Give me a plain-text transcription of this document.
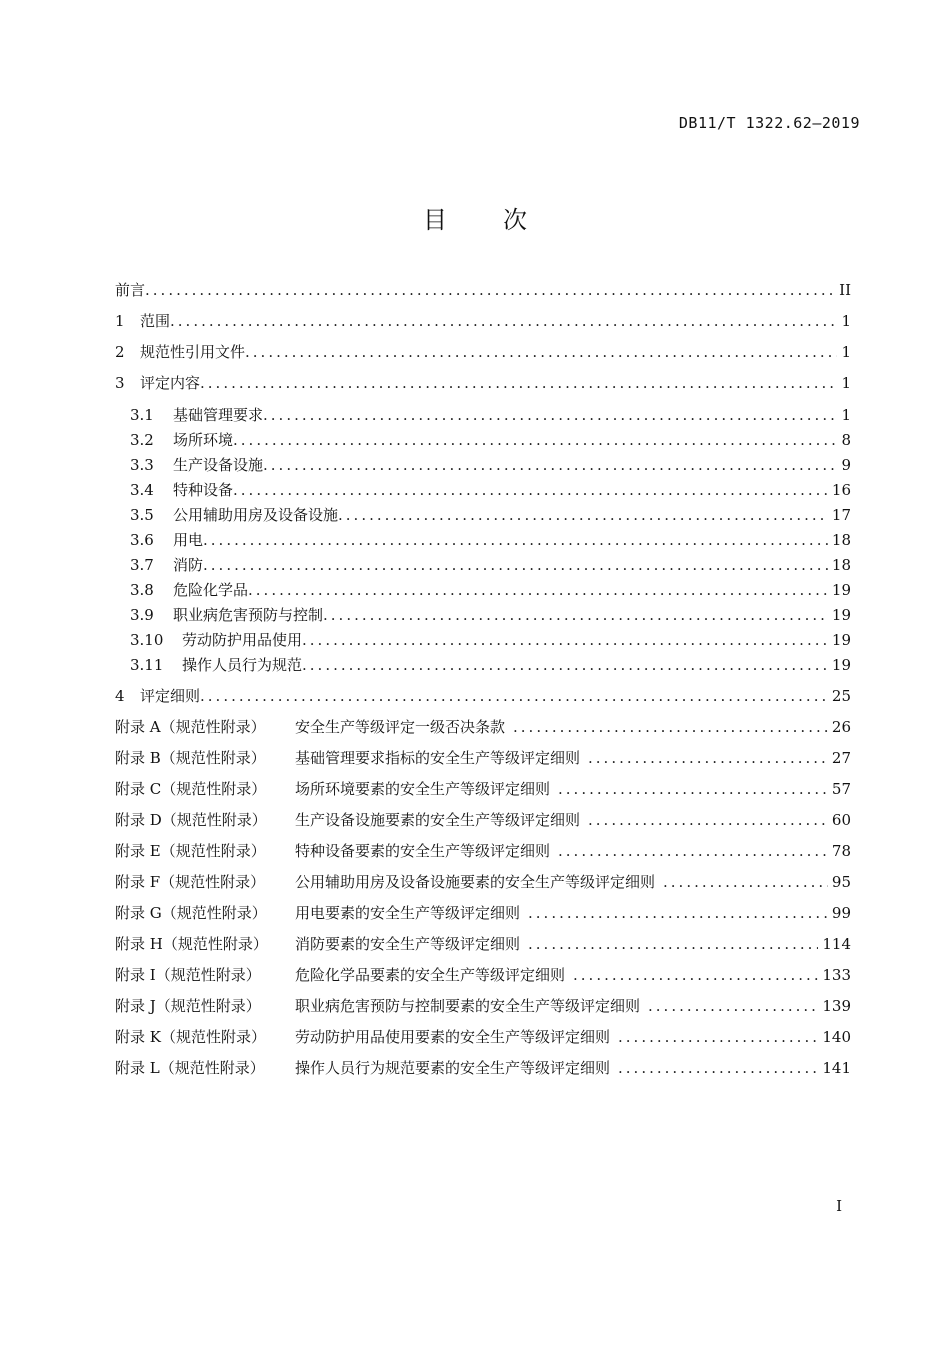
DB11/T 1322.62—2019
目 次
前言 .....	II
1	范围 .....	1
2	规范性引用文件 .....	1
3	评定内容 .....	1
3.1	基础管理要求 .....	1
3.2	场所环境 .....	8
3.3	生产设备设施 .....	9
3.4	特种设备 .....	16
3.5	公用辅助用房及设备设施 .....	17
3.6	用电 .....	18
3.7	消防 .....	18
3.8	危险化学品 .....	19
3.9	职业病危害预防与控制 .....	19
3.10	劳动防护用品使用 .....	19
3.11	操作人员行为规范 .....	19
4	评定细则 .....	25
附录 A（规范性附录）	安全生产等级评定一级否决条款 .....	26
附录 B（规范性附录）	基础管理要求指标的安全生产等级评定细则 .....	27
附录 C（规范性附录）	场所环境要素的安全生产等级评定细则 .....	57
附录 D（规范性附录）	生产设备设施要素的安全生产等级评定细则 .....	60
附录 E（规范性附录）	特种设备要素的安全生产等级评定细则 .....	78
附录 F（规范性附录）	公用辅助用房及设备设施要素的安全生产等级评定细则 .....	95
附录 G（规范性附录）	用电要素的安全生产等级评定细则 .....	99
附录 H（规范性附录）	消防要素的安全生产等级评定细则 .....	114
附录 I（规范性附录）	危险化学品要素的安全生产等级评定细则 .....	133
附录 J（规范性附录）	职业病危害预防与控制要素的安全生产等级评定细则 .....	139
附录 K（规范性附录）	劳动防护用品使用要素的安全生产等级评定细则 .....	140
附录 L（规范性附录）	操作人员行为规范要素的安全生产等级评定细则 .....	141
I
